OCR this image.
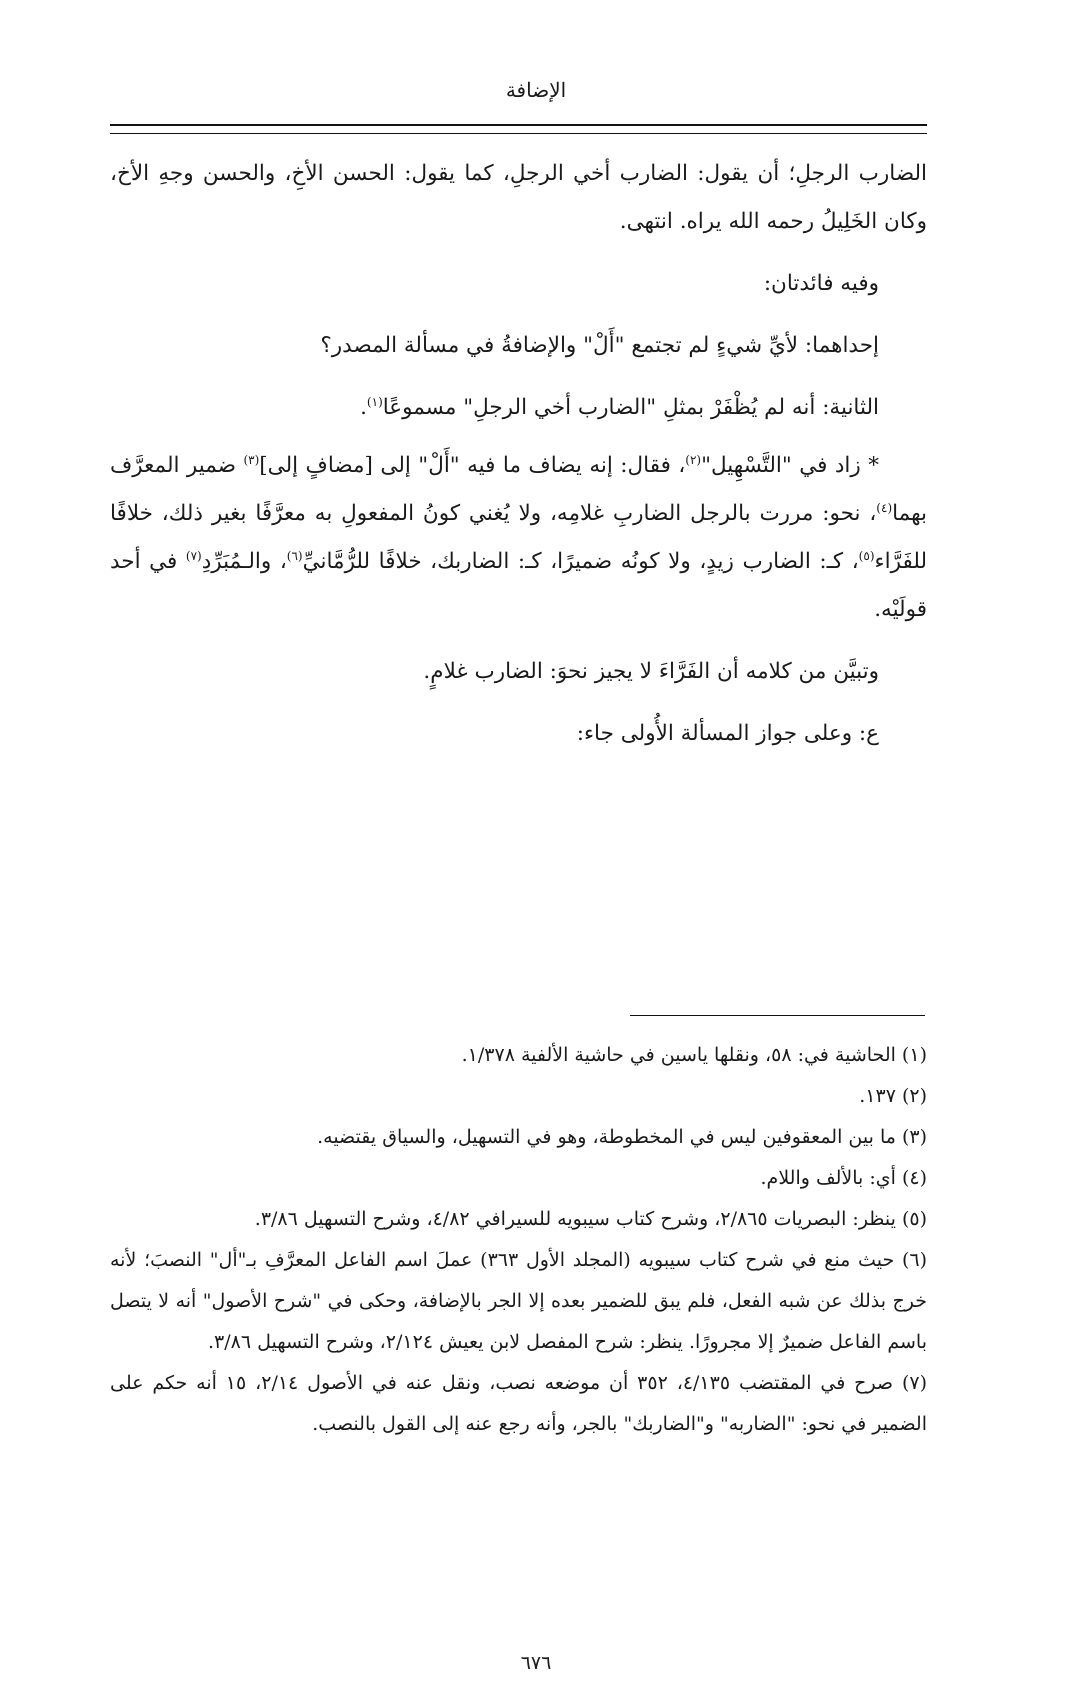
الإضافة

الضارب الرجلِ؛ أن يقول: الضارب أخي الرجلِ، كما يقول: الحسن الأخِ، والحسن وجهِ الأخ، وكان الخَلِيلُ رحمه الله يراه. انتهى.

وفيه فائدتان:

إحداهما: لأيِّ شيءٍ لم تجتمع "أَلْ" والإضافةُ في مسألة المصدر؟

الثانية: أنه لم يُظْفَرْ بمثلِ "الضارب أخي الرجلِ" مسموعًا$^{(١)}$.

* زاد في "التَّسْهِيل"$^{(٢)}$، فقال: إنه يضاف ما فيه "أَلْ" إلى [مضافٍ إلى]$^{(٣)}$ ضمير المعرَّف بهما$^{(٤)}$، نحو: مررت بالرجل الضاربِ غلامِه، ولا يُغني كونُ المفعولِ به معرَّفًا بغير ذلك، خلافًا للفَرَّاء$^{(٥)}$، كـ: الضارب زيدٍ، ولا كونُه ضميرًا، كـ: الضاربك، خلافًا للرُّمَّانيِّ$^{(٦)}$، والـمُبَرِّدِ$^{(٧)}$ في أحد قولَيْه.

وتبيَّن من كلامه أن الفَرَّاءَ لا يجيز نحوَ: الضارب غلامٍ.

ع: وعلى جواز المسألة الأُولى جاء:

(١) الحاشية في: ٥٨، ونقلها ياسين في حاشية الألفية ١/٣٧٨.

(٢) ١٣٧.

(٣) ما بين المعقوفين ليس في المخطوطة، وهو في التسهيل، والسياق يقتضيه.

(٤) أي: بالألف واللام.

(٥) ينظر: البصريات ٢/٨٦٥، وشرح كتاب سيبويه للسيرافي ٤/٨٢، وشرح التسهيل ٣/٨٦.

(٦) حيث منع في شرح كتاب سيبويه (المجلد الأول ٣٦٣) عملَ اسم الفاعل المعرَّفِ بـ"أل" النصبَ؛ لأنه خرج بذلك عن شبه الفعل، فلم يبق للضمير بعده إلا الجر بالإضافة، وحكى في "شرح الأصول" أنه لا يتصل باسم الفاعل ضميرٌ إلا مجرورًا. ينظر: شرح المفصل لابن يعيش ٢/١٢٤، وشرح التسهيل ٣/٨٦.

(٧) صرح في المقتضب ٤/١٣٥، ٣٥٢ أن موضعه نصب، ونقل عنه في الأصول ٢/١٤، ١٥ أنه حكم على الضمير في نحو: "الضاربه" و"الضاربك" بالجر، وأنه رجع عنه إلى القول بالنصب.

٦٧٦
